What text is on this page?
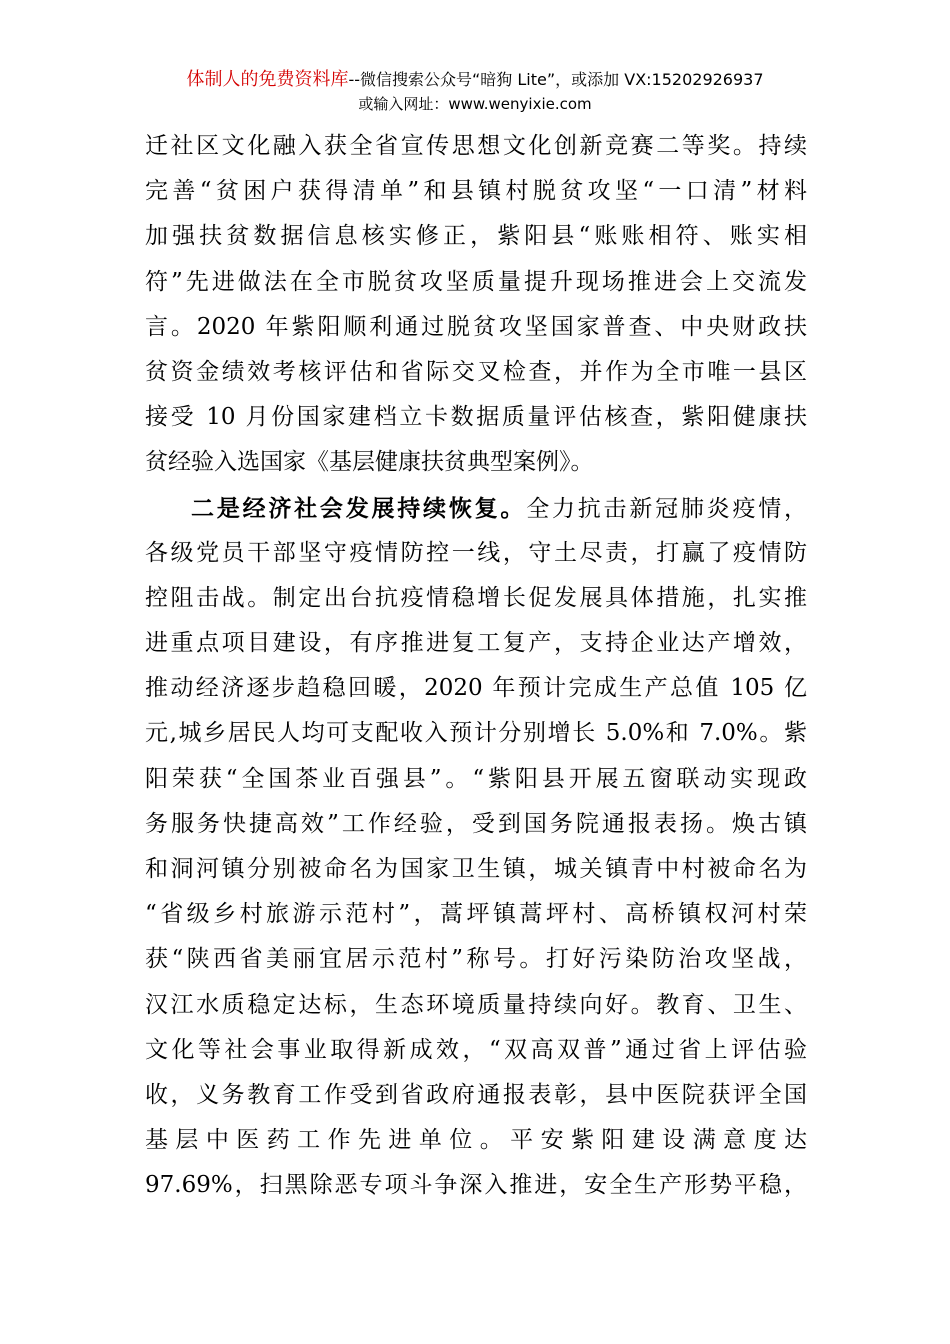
体制人的免费资料库--微信搜索公众号“暗狗 Lite”，或添加 VX:15202926937
或输入网址：www.wenyixie.com
迁社区文化融入获全省宣传思想文化创新竞赛二等奖。持续
完善“贫困户获得清单”和县镇村脱贫攻坚“一口清”材料
加强扶贫数据信息核实修正，紫阳县“账账相符、账实相
符”先进做法在全市脱贫攻坚质量提升现场推进会上交流发
言。2020 年紫阳顺利通过脱贫攻坚国家普查、中央财政扶
贫资金绩效考核评估和省际交叉检查，并作为全市唯一县区
接受 10 月份国家建档立卡数据质量评估核查，紫阳健康扶
贫经验入选国家《基层健康扶贫典型案例》。
二是经济社会发展持续恢复。全力抗击新冠肺炎疫情，
各级党员干部坚守疫情防控一线，守土尽责，打赢了疫情防
控阻击战。制定出台抗疫情稳增长促发展具体措施，扎实推
进重点项目建设，有序推进复工复产，支持企业达产增效，
推动经济逐步趋稳回暖，2020 年预计完成生产总值 105 亿
元,城乡居民人均可支配收入预计分别增长 5.0%和 7.0%。紫
阳荣获“全国茶业百强县”。“紫阳县开展五窗联动实现政
务服务快捷高效”工作经验，受到国务院通报表扬。焕古镇
和洞河镇分别被命名为国家卫生镇，城关镇青中村被命名为
“省级乡村旅游示范村”，蒿坪镇蒿坪村、高桥镇权河村荣
获“陕西省美丽宜居示范村”称号。打好污染防治攻坚战，
汉江水质稳定达标，生态环境质量持续向好。教育、卫生、
文化等社会事业取得新成效，“双高双普”通过省上评估验
收，义务教育工作受到省政府通报表彰，县中医院获评全国
基层中医药工作先进单位。平安紫阳建设满意度达
97.69%，扫黑除恶专项斗争深入推进，安全生产形势平稳，
